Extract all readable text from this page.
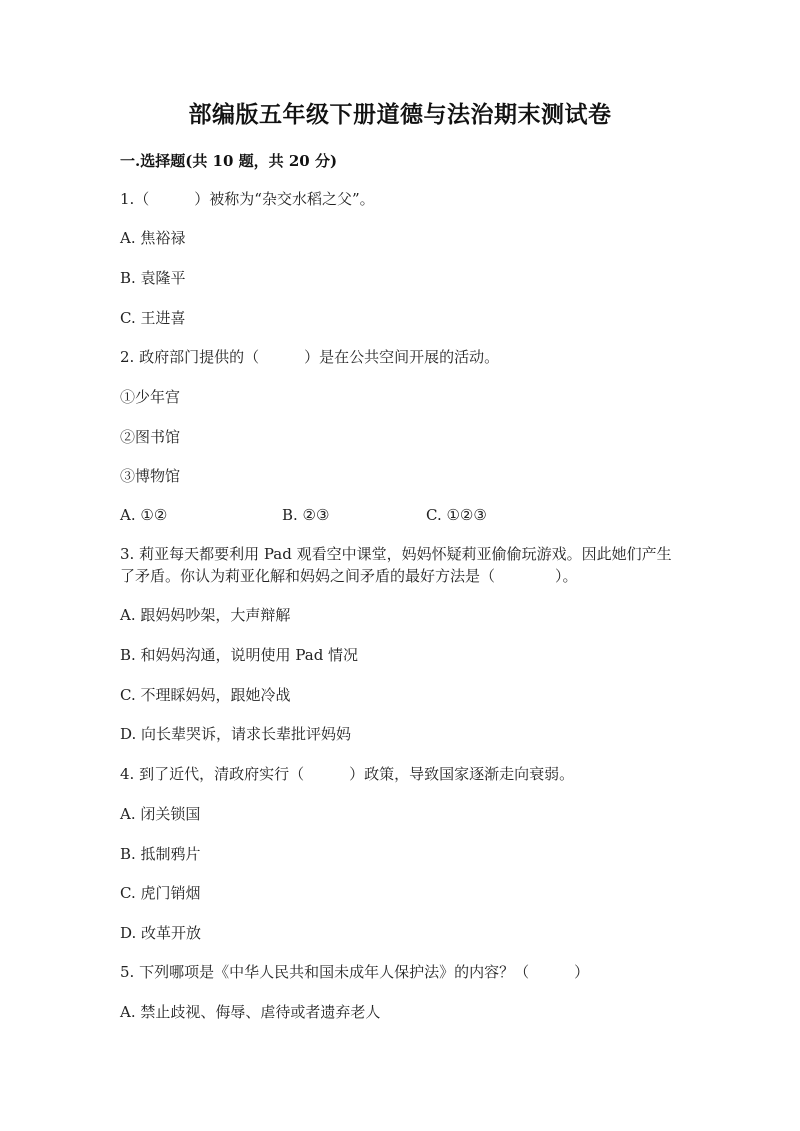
部编版五年级下册道德与法治期末测试卷
一.选择题(共 10 题，共 20 分)
1.（　　　）被称为“杂交水稻之父”。
A. 焦裕禄
B. 袁隆平
C. 王进喜
2. 政府部门提供的（　　　）是在公共空间开展的活动。
①少年宫
②图书馆
③博物馆
A. ①②	B. ②③	C. ①②③
3. 莉亚每天都要利用 Pad 观看空中课堂，妈妈怀疑莉亚偷偷玩游戏。因此她们产生了矛盾。你认为莉亚化解和妈妈之间矛盾的最好方法是（　　　　）。
A. 跟妈妈吵架，大声辩解
B. 和妈妈沟通，说明使用 Pad 情况
C. 不理睬妈妈，跟她冷战
D. 向长辈哭诉，请求长辈批评妈妈
4. 到了近代，清政府实行（　　　）政策，导致国家逐渐走向衰弱。
A. 闭关锁国
B. 抵制鸦片
C. 虎门销烟
D. 改革开放
5. 下列哪项是《中华人民共和国未成年人保护法》的内容？（　　　）
A. 禁止歧视、侮辱、虐待或者遗弃老人
